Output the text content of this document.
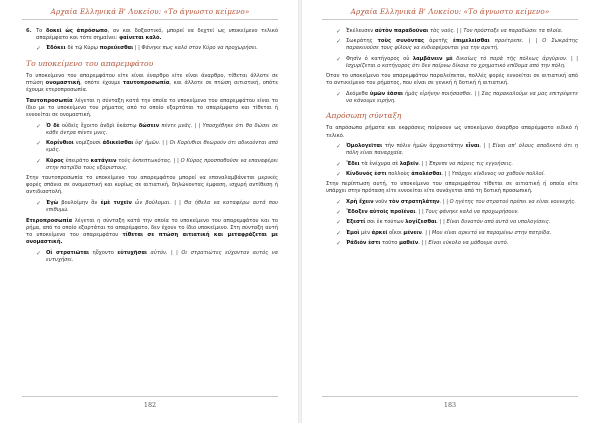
Αρχαία Ελληνικά Β' Λυκείου: «Το άγνωστο κείμενο»
6. Το δοκεῖ ὡς ἀπρόσωπο, αν και δοξαστικό, μπορεί να δεχτεί ως υποκείμενο τελικό απαρέμφατο και τότε σημαίνει: φαίνεται καλό.
✓ Ἐδόκει δὲ τῷ Κύρῳ πορεύεσθαι | | Φάνηκε πως καλό στον Κύρο να προχωρήσει.
Το υποκείμενο του απαρεμφάτου

Το υποκείμενο του απαρεμφάτου είτε είναι έναρθρο είτε είναι άναρθρο, τίθεται άλλοτε σε πτώση ονομαστική, οπότε έχουμε ταυτοπροσωπία, και άλλοτε σε πτώση αιτιατική, οπότε έχουμε ετεροπροσωπία.

Ταυτοπροσωπία λέγεται η σύνταξη κατά την οποία το υποκείμενο του απαρεμφάτου είναι το ίδιο με το υποκείμενο του ρήματος από το οποίο εξαρτάται το απαρέμφατο και τίθεται ή εννοείται σε ονομαστική.

✓ Ὁ δὲ οὐδεὶς ἔχοιτο ἀνδρὶ ἑκάστῳ δώσειν πέντε μνᾶς. | | Υποσχέθηκε ότι θα δώσει σε κάθε άντρα πέντε μνες.
✓ Κορίνθιοι νομίζουσι ἀδικεῖσθαι ὑφ' ἡμῶν. | | Οι Κορίνθιοι θεωρούν ότι αδικούνται από εμάς.
✓ Κῦρος ἐπειρᾶτο κατάγειν τοὺς ἐκπεπτωκότας. | | Ο Κύρος προσπαθούσε να επαναφέρει στην πατρίδα τους εξόριστους.

Στην ταυτοπροσωπία το υποκείμενο του απαρεμφάτου μπορεί να επαναλαμβάνεται μερικές φορές σπάνια σε ονομαστική και κυρίως σε αιτιατική, δηλώνοντας έμφαση, ισχυρή αντίθεση ή αντιδιαστολή.

✓ Ἐγὼ βουλοίμην ἂν ἐμὲ τυχεῖν ὧν βούλομαι. | | Θα ήθελα να καταφέρω αυτά που επιθυμώ.

Ετεροπροσωπία λέγεται η σύνταξη κατά την οποία το υποκείμενο του απαρεμφάτου και το ρήμα, από το οποίο εξαρτάται το απαρέμφατο, δεν έχουν το ίδιο υποκείμενο. Στη σύνταξη αυτή το υποκείμενο του απαρεμφάτου τίθεται σε πτώση αιτιατική και μεταφράζεται με ονομαστική.

✓ Οἱ στρατιῶται ηὔχοντο εὐτυχῆσαι αὐτόν. | | Οι στρατιώτες εύχονταν αυτός να ευτυχήσει.
182
Αρχαία Ελληνικά Β' Λυκείου: «Το άγνωστο κείμενο»
✓ Ἐκέλευσεν αὐτὸν παραδοῦναι τὰς ναῦς. | | Τον πρόσταξε να παραδώσει τα πλοία.
✓ Σωκράτης τοὺς συνόντας ἀρετῆς ἐπιμελεῖσθαι προέτρεπε. | | Ο Σωκράτης παρακινούσε τους φίλους να ενδιαφέρονται για την αρετή.
✓ Φησὶν ὁ κατήγορος οὐ λαμβάνειν μὲ δικαίως τὸ παρὰ τῆς πόλεως ἀργύριον. | | Ισχυρίζεται ο κατήγορος ότι δεν παίρνω δίκαια το χρηματικό επίδομα από την πόλη.

Όταν το υποκείμενο του απαρεμφάτου παραλείπεται, πολλές φορές εννοείται σε αιτιατική από το αντικείμενο του ρήματος, που είναι σε γενική ή δοτική ή αιτιατική.

✓ Δεόμεθα ὑμῶν ἐᾶσαι ἡμᾶς εἰρήνην ποιήσασθαι. | | Σας παρακαλούμε να μας επιτρέψετε να κάνουμε ειρήνη.
Απρόσωπη σύνταξη

Τα απρόσωπα ρήματα και εκφράσεις παίρνουν ως υποκείμενο άναρθρο απαρέμφατο ειδικό ή τελικό.

✓ Ὁμολογεῖται τὴν πόλιν ἡμῶν ἀρχαιοτάτην εἶναι. | | Είναι απ' όλους αποδεκτό ότι η πόλη είναι παναρχαία.
✓ Ἔδει τὰ ἐνέχυρα σὲ λαβεῖν. | | Έπρεπε να πάρεις τις εγγυήσεις.
✓ Κίνδυνός ἐστι πολλοὺς ἀπολέσθαι. | | Υπάρχει κίνδυνος να χαθούν πολλοί.

Στην περίπτωση αυτή, το υποκείμενο του απαρεμφάτου τίθεται σε αιτιατική ή οποία είτε υπάρχει στην πρόταση είτε εννοείται είτε συνάγεται από τη δοτική προσωπική.

✓ Χρὴ ἔχειν νοῦν τὸν στρατηλάτην. | | Ο ηγέτης του στρατού πρέπει να είναι νουνεχής.
✓ Ἔδοξεν αὐτοῖς προϊέναι. | | Τους φάνηκε καλό να προχωρήσουν.
✓ Ἐξεστί σοι ἐκ τούτων λογίζεσθαι. | | Είναι δυνατόν από αυτά να υπολογίσεις.
✓ Ἐμοὶ μὲν ἀρκεῖ οἴκοι μένειν. | | Μου είναι αρκετό να παραμένω στην πατρίδα.
✓ Ῥάδιόν ἐστι τοῦτο μαθεῖν. | | Είναι εύκολο να μάθουμε αυτό.
183
